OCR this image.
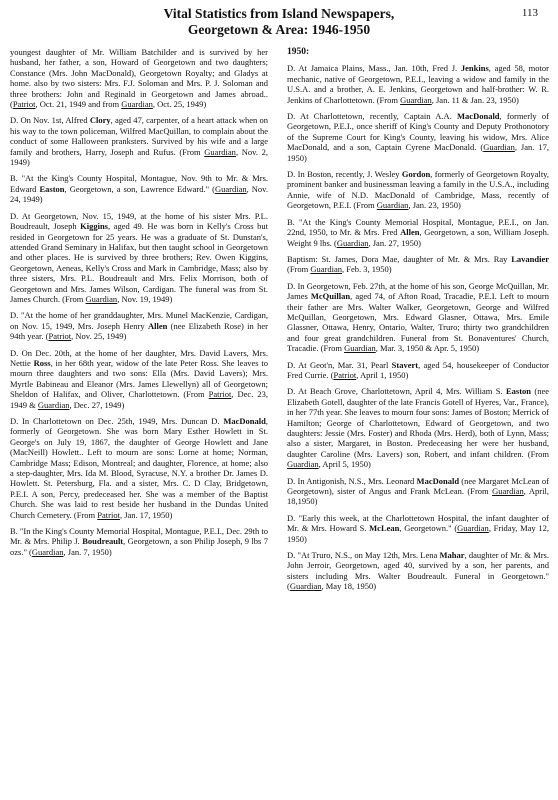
Vital Statistics from Island Newspapers,
Georgetown & Area: 1946-1950
113

youngest daughter of Mr. William Batchilder and is survived by her husband, her father, a son, Howard of Georgetown and two daughters; Constance (Mrs. John MacDonald), Georgetown Royalty; and Gladys at home. also by two sisters: Mrs. F.J. Soloman and Mrs. P. J. Soloman and three brothers: John and Reginald in Georgetown and James abroad.. (Patriot, Oct. 21, 1949 and from Guardian, Oct. 25, 1949)

D. On Nov. 1st, Alfred Clory, aged 47, carpenter, of a heart attack when on his way to the town policeman, Wilfred MacQuillan, to complain about the conduct of some Halloween pranksters. Survived by his wife and a large family and brothers, Harry, Joseph and Rufus. (From Guardian, Nov. 2, 1949)

B. "At the King's County Hospital, Montague, Nov. 9th to Mr. & Mrs. Edward Easton, Georgetown, a son, Lawrence Edward." (Guardian, Nov. 24, 1949)

D. At Georgetown, Nov. 15, 1949, at the home of his sister Mrs. P.L. Boudreault, Joseph Kiggins, aged 49. He was born in Kelly's Cross but resided in Georgetown for 25 years. He was a graduate of St. Dunstan's, attended Grand Seminary in Halifax, but then taught school in Georgetown and other places. He is survived by three brothers; Rev. Owen Kiggins, Georgetown, Aeneas, Kelly's Cross and Mark in Cambridge, Mass; also by three sisters, Mrs. P.L. Boudreault and Mrs. Felix Morrison, both of Georgetown and Mrs. James Wilson, Cardigan. The funeral was from St. James Church. (From Guardian, Nov. 19, 1949)

D. "At the home of her granddaughter, Mrs. Munel MacKenzie, Cardigan, on Nov. 15, 1949, Mrs. Joseph Henry Allen (nee Elizabeth Rose) in her 94th year. (Patriot, Nov. 25, 1949)

D. On Dec. 20th, at the home of her daughter, Mrs. David Lavers, Mrs. Nettie Ross, in her 68th year, widow of the late Peter Ross. She leaves to mourn three daughters and two sons: Ella (Mrs. David Lavers); Mrs. Myrtle Babineau and Eleanor (Mrs. James Llewellyn) all of Georgetown; Sheldon of Halifax, and Oliver, Charlottetown. (From Patriot, Dec. 23, 1949 & Guardian, Dec. 27, 1949)

D. In Charlottetown on Dec. 25th, 1949, Mrs. Duncan D. MacDonald, formerly of Georgetown. She was born Mary Esther Howlett in St. George's on July 19, 1867, the daughter of George Howlett and Jane (MacNeill) Howlett.. Left to mourn are sons: Lorne at home; Norman, Cambridge Mass; Edison, Montreal; and daughter, Florence, at home; also a step-daughter, Mrs. Ida M. Blood, Syracuse, N.Y. a brother Dr. James D. Howlett. St. Petersburg, Fla. and a sister, Mrs. C. D Clay, Bridgetown, P.E.I. A son, Percy, predeceased her. She was a member of the Baptist Church. She was laid to rest beside her husband in the Dundas United Church Cemetery. (From Patriot, Jan. 17, 1950)

B. "In the King's County Memorial Hospital, Montague, P.E.I., Dec. 29th to Mr. & Mrs. Philip J. Boudreault, Georgetown, a son Philip Joseph, 9 lbs 7 ozs." (Guardian, Jan. 7, 1950)

1950:

D. At Jamaica Plains, Mass., Jan. 10th, Fred J. Jenkins, aged 58, motor mechanic, native of Georgetown, P.E.I., leaving a widow and family in the U.S.A. and a brother, A. E. Jenkins, Georgetown and half-brother: W. R. Jenkins of Charlottetown. (From Guardian, Jan. 11 & Jan. 23, 1950)

D. At Charlottetown, recently, Captain A.A. MacDonald, formerly of Georgetown, P.E.I., once sheriff of King's County and Deputy Prothonotory of the Supreme Court for King's County, leaving his widow, Mrs. Alice MacDonald, and a son, Captain Cyrene MacDonald. (Guardian, Jan. 17, 1950)

D. In Boston, recently, J. Wesley Gordon, formerly of Georgetown Royalty, prominent banker and businessman leaving a family in the U.S.A., including Annie, wife of N.D. MacDonald of Cambridge, Mass, recently of Georgetown, P.E.I. (From Guardian, Jan. 23, 1950)

B. "At the King's County Memorial Hospital, Montague, P.E.I., on Jan. 22nd, 1950, to Mr. & Mrs. Fred Allen, Georgetown, a son, William Joseph. Weight 9 lbs. (Guardian, Jan. 27, 1950)

Baptism: St. James, Dora Mae, daughter of Mr. & Mrs. Ray Lavandier (From Guardian, Feb. 3, 1950)

D. In Georgetown, Feb. 27th, at the home of his son, George McQuillan, Mr. James McQuillan, aged 74, of Afton Road, Tracadie, P.E.I. Left to mourn their father are Mrs. Walter Walker, Georgetown, George and Wilfred McQuillan, Georgetown, Mrs. Edward Glasner, Ottawa, Mrs. Emile Glassner, Ottawa, Henry, Ontario, Walter, Truro; thirty two grandchildren and four great grandchildren. Funeral from St. Bonaventures' Church, Tracadie. (From Guardian, Mar. 3, 1950 & Apr. 5, 1950)

D. At Geot'n, Mar. 31, Pearl Stavert, aged 54, housekeeper of Conductor Fred Currie. (Patriot, April 1, 1950)

D. At Beach Grove, Charlottetown, April 4, Mrs. William S. Easton (nee Elizabeth Gotell, daughter of the late Francis Gotell of Hyeres, Var., France), in her 77th year. She leaves to mourn four sons: James of Boston; Merrick of Hamilton; George of Charlottetown, Edward of Georgetown, and two daughters: Jessie (Mrs. Foster) and Rhoda (Mrs. Herd), both of Lynn, Mass; also a sister, Margaret, in Boston. Predeceasing her were her husband, daughter Caroline (Mrs. Lavers) son, Robert, and infant children. (From Guardian, April 5, 1950)

D. In Antigonish, N.S., Mrs. Leonard MacDonald (nee Margaret McLean of Georgetown), sister of Angus and Frank McLean. (From Guardian, April, 18,1950)

D. "Early this week, at the Charlottetown Hospital, the infant daughter of Mr. & Mrs. Howard S. McLean, Georgetown." (Guardian, Friday, May 12, 1950)

D. "At Truro, N.S., on May 12th, Mrs. Lena Mahar, daughter of Mr. & Mrs. John Jerroir, Georgetown, aged 40, survived by a son, her parents, and sisters including Mrs. Walter Boudreault. Funeral in Georgetown." (Guardian, May 18, 1950)
